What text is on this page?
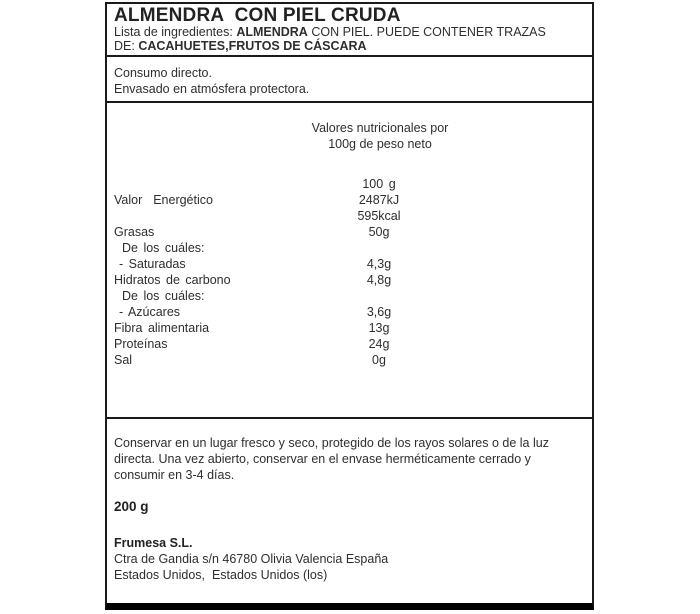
ALMENDRA  CON PIEL CRUDA
Lista de ingredientes: ALMENDRA CON PIEL. PUEDE CONTENER TRAZAS
DE: CACAHUETES,FRUTOS DE CÁSCARA
Consumo directo.
Envasado en atmósfera protectora.
Valores nutricionales por
100g de peso neto
100 g
Valor  Energético	2487kJ
595kcal
Grasas	50g
De los cuáles:
- Saturadas	4,3g
Hidratos de carbono	4,8g
De los cuáles:
- Azúcares	3,6g
Fibra alimentaria	13g
Proteínas	24g
Sal	0g
Conservar en un lugar fresco y seco, protegido de los rayos solares o de la luz
directa. Una vez abierto, conservar en el envase herméticamente cerrado y
consumir en 3-4 días.
200 g
Frumesa S.L.
Ctra de Gandia s/n 46780 Olivia Valencia España
Estados Unidos,  Estados Unidos (los)
